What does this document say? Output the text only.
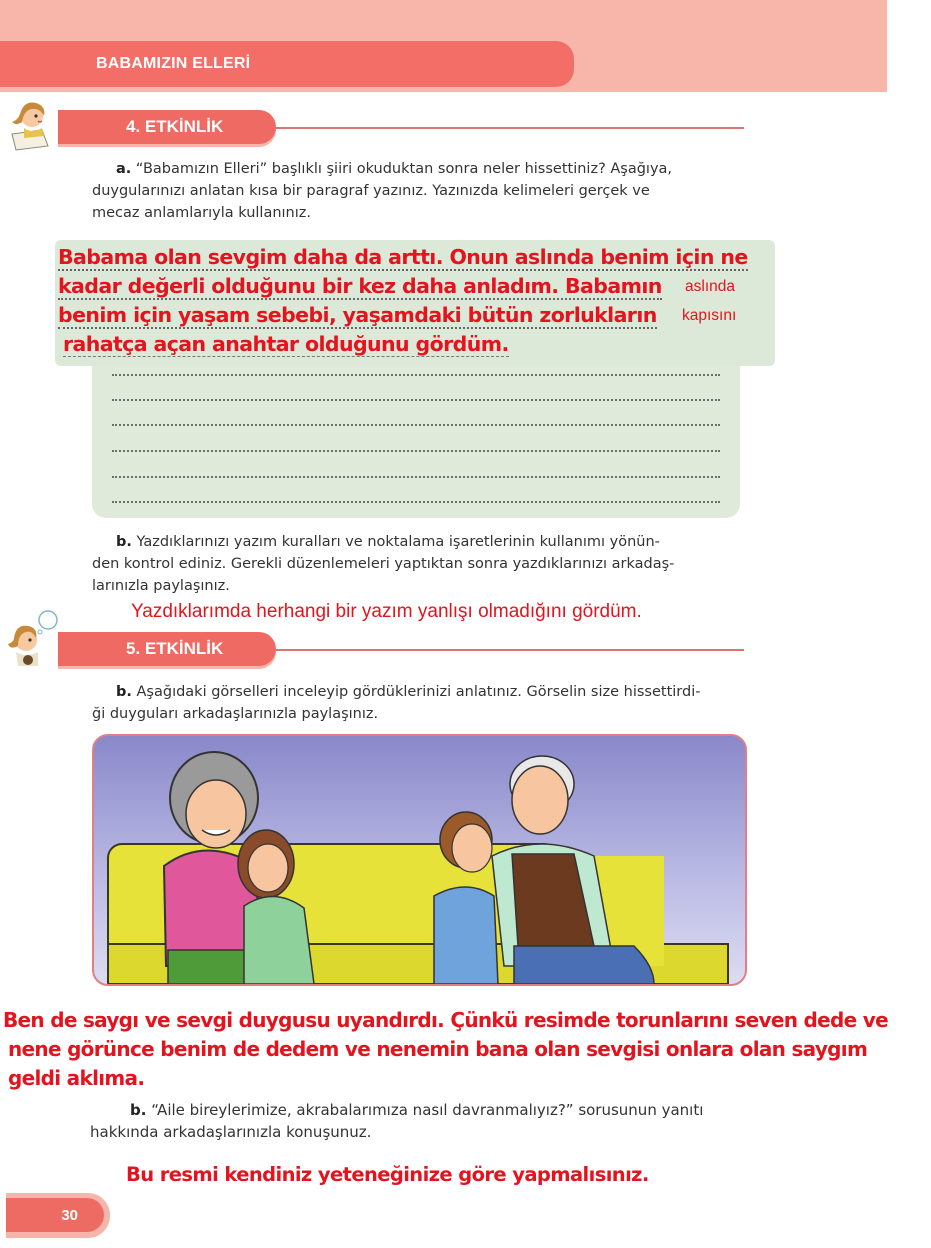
BABAMIZIN ELLERİ
4. ETKİNLİK
a. “Babamızın Elleri” başlıklı şiiri okuduktan sonra neler hissettiniz? Aşağıya,
duygularınızı anlatan kısa bir paragraf yazınız. Yazınızda kelimeleri gerçek ve
mecaz anlamlarıyla kullanınız.
Babama olan sevgim daha da arttı. Onun aslında benim için ne
kadar değerli olduğunu bir kez daha anladım. Babamın aslında
benim için yaşam sebebi, yaşamdaki bütün zorlukların kapısını
rahatça açan anahtar olduğunu gördüm.
b. Yazdıklarınızı yazım kuralları ve noktalama işaretlerinin kullanımı yönün-
den kontrol ediniz. Gerekli düzenlemeleri yaptıktan sonra yazdıklarınızı arkadaş-
larınızla paylaşınız.
Yazdıklarımda herhangi bir yazım yanlışı olmadığını gördüm.
5. ETKİNLİK
b. Aşağıdaki görselleri inceleyip gördüklerinizi anlatınız. Görselin size hissettirdi-
ği duyguları arkadaşlarınızla paylaşınız.
Ben de saygı ve sevgi duygusu uyandırdı. Çünkü resimde torunlarını seven dede ve
nene görünce benim de dedem ve nenemin bana olan sevgisi onlara olan saygım
geldi aklıma.
b. “Aile bireylerimize, akrabalarımıza nasıl davranmalıyız?” sorusunun yanıtı
hakkında arkadaşlarınızla konuşunuz.
Bu resmi kendiniz yeteneğinize göre yapmalısınız.
30
